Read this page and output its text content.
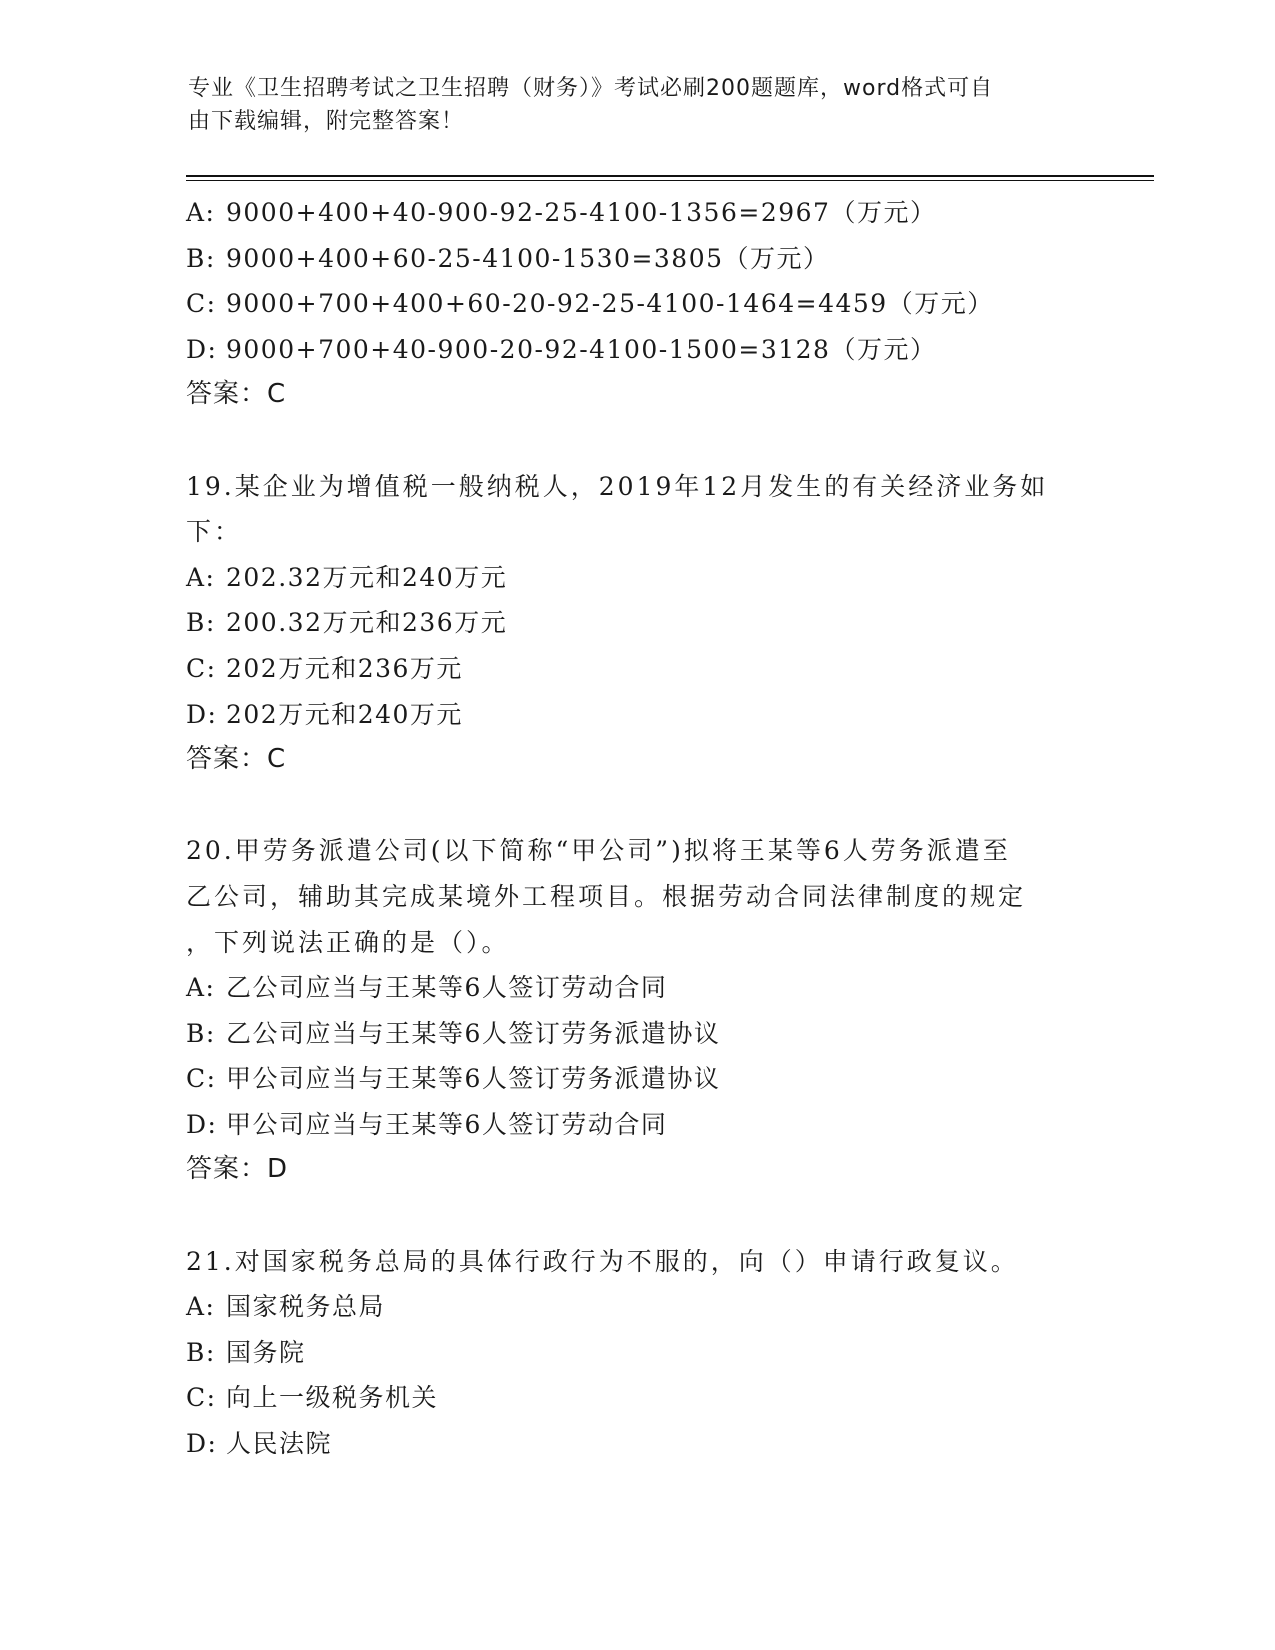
专业《卫生招聘考试之卫生招聘（财务）》考试必刷200题题库，word格式可自
由下载编辑，附完整答案！
A: 9000+400+40-900-92-25-4100-1356=2967（万元）
B: 9000+400+60-25-4100-1530=3805（万元）
C: 9000+700+400+60-20-92-25-4100-1464=4459（万元）
D: 9000+700+40-900-20-92-4100-1500=3128（万元）
答案：C
19.某企业为增值税一般纳税人，2019年12月发生的有关经济业务如
下：
A: 202.32万元和240万元
B: 200.32万元和236万元
C: 202万元和236万元
D: 202万元和240万元
答案：C
20.甲劳务派遣公司(以下简称“甲公司”)拟将王某等6人劳务派遣至
乙公司，辅助其完成某境外工程项目。根据劳动合同法律制度的规定
，下列说法正确的是（）。
A: 乙公司应当与王某等6人签订劳动合同
B: 乙公司应当与王某等6人签订劳务派遣协议
C: 甲公司应当与王某等6人签订劳务派遣协议
D: 甲公司应当与王某等6人签订劳动合同
答案：D
21.对国家税务总局的具体行政行为不服的，向（）申请行政复议。
A: 国家税务总局
B: 国务院
C: 向上一级税务机关
D: 人民法院
